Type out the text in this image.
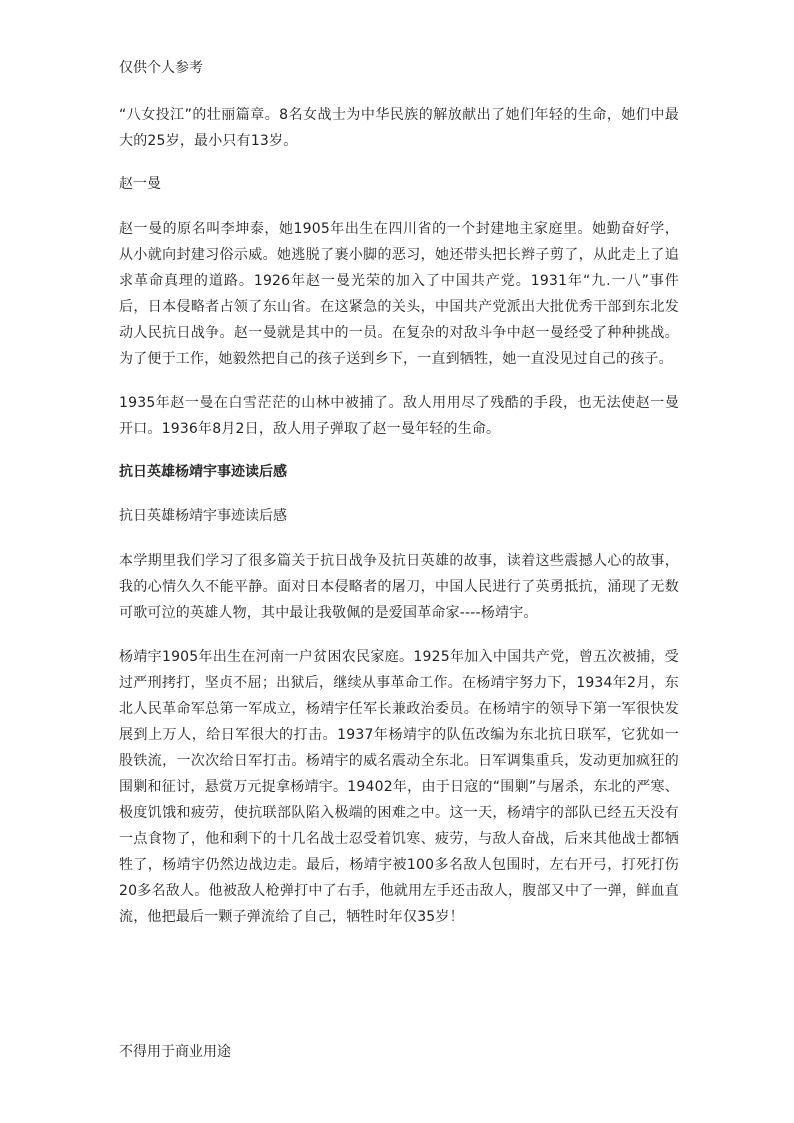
仅供个人参考

“八女投江”的壮丽篇章。8名女战士为中华民族的解放献出了她们年轻的生命，她们中最大的25岁，最小只有13岁。

赵一曼

赵一曼的原名叫李坤泰，她1905年出生在四川省的一个封建地主家庭里。她勤奋好学，从小就向封建习俗示威。她逃脱了裹小脚的恶习，她还带头把长辫子剪了，从此走上了追求革命真理的道路。1926年赵一曼光荣的加入了中国共产党。1931年“九.一八”事件后，日本侵略者占领了东山省。在这紧急的关头，中国共产党派出大批优秀干部到东北发动人民抗日战争。赵一曼就是其中的一员。在复杂的对敌斗争中赵一曼经受了种种挑战。为了便于工作，她毅然把自己的孩子送到乡下，一直到牺牲，她一直没见过自己的孩子。

1935年赵一曼在白雪茫茫的山林中被捕了。敌人用用尽了残酷的手段，也无法使赵一曼开口。1936年8月2日，敌人用子弹取了赵一曼年轻的生命。

抗日英雄杨靖宇事迹读后感
抗日英雄杨靖宇事迹读后感

本学期里我们学习了很多篇关于抗日战争及抗日英雄的故事，读着这些震撼人心的故事，我的心情久久不能平静。面对日本侵略者的屠刀，中国人民进行了英勇抵抗，涌现了无数可歌可泣的英雄人物，其中最让我敬佩的是爱国革命家----杨靖宇。

杨靖宇1905年出生在河南一户贫困农民家庭。1925年加入中国共产党，曾五次被捕，受过严刑拷打，坚贞不屈；出狱后，继续从事革命工作。在杨靖宇努力下，1934年2月，东北人民革命军总第一军成立，杨靖宇任军长兼政治委员。在杨靖宇的领导下第一军很快发展到上万人，给日军很大的打击。1937年杨靖宇的队伍改编为东北抗日联军，它犹如一股铁流，一次次给日军打击。杨靖宇的威名震动全东北。日军调集重兵，发动更加疯狂的围剿和征讨，悬赏万元捉拿杨靖宇。19402年，由于日寇的“围剿”与屠杀，东北的严寒、极度饥饿和疲劳，使抗联部队陷入极端的困难之中。这一天，杨靖宇的部队已经五天没有一点食物了，他和剩下的十几名战士忍受着饥寒、疲劳，与敌人奋战，后来其他战士都牺牲了，杨靖宇仍然边战边走。最后，杨靖宇被100多名敌人包围时，左右开弓，打死打伤20多名敌人。他被敌人枪弹打中了右手，他就用左手还击敌人，腹部又中了一弹，鲜血直流，他把最后一颗子弹流给了自己，牺牲时年仅35岁！

不得用于商业用途
